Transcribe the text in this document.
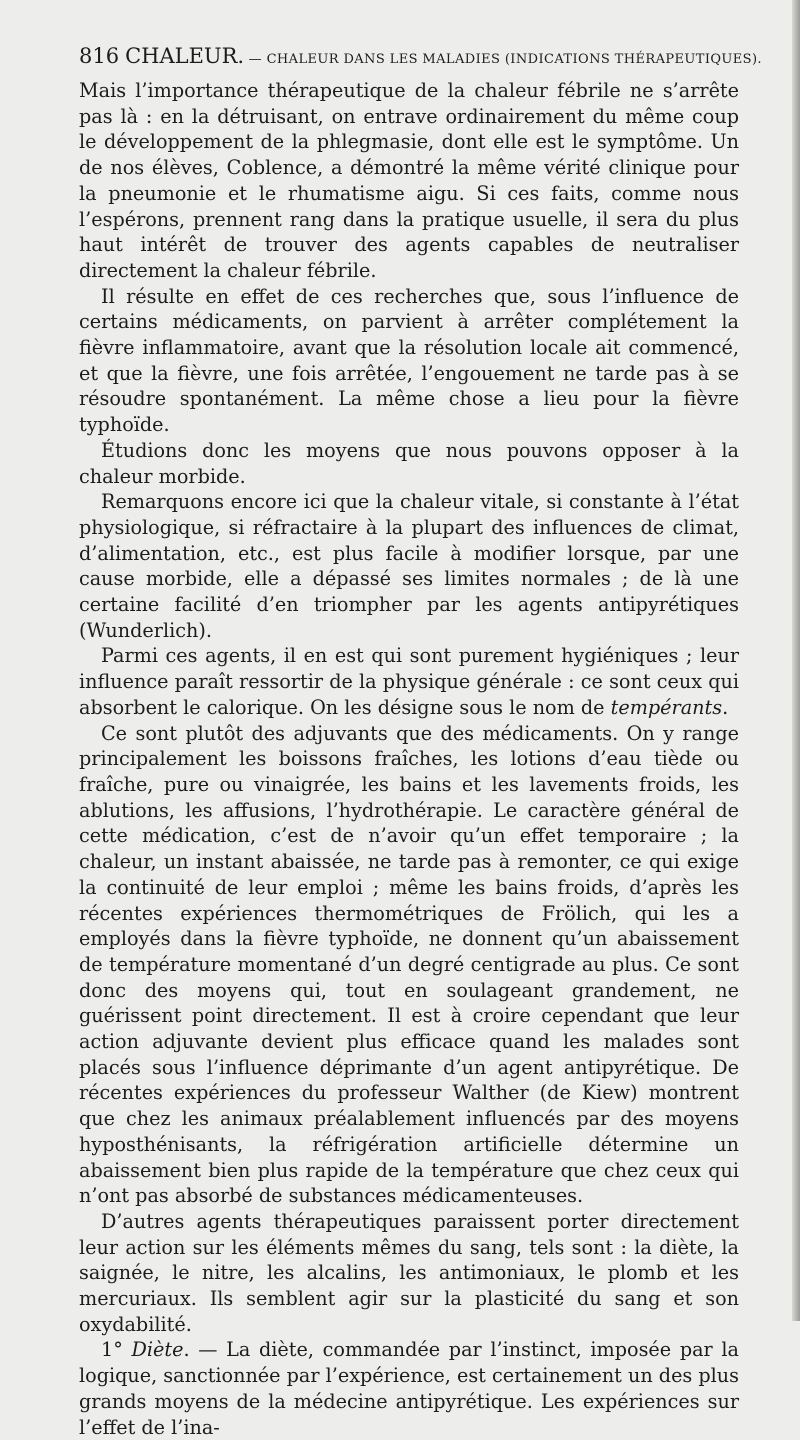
816 CHALEUR. — CHALEUR DANS LES MALADIES (INDICATIONS THÉRAPEUTIQUES).

Mais l’importance thérapeutique de la chaleur fébrile ne s’arrête pas là : en la détruisant, on entrave ordinairement du même coup le développement de la phlegmasie, dont elle est le symptôme. Un de nos élèves, Coblence, a démontré la même vérité clinique pour la pneumonie et le rhumatisme aigu. Si ces faits, comme nous l’espérons, prennent rang dans la pratique usuelle, il sera du plus haut intérêt de trouver des agents capables de neutraliser directement la chaleur fébrile.

Il résulte en effet de ces recherches que, sous l’influence de certains médicaments, on parvient à arrêter complétement la fièvre inflammatoire, avant que la résolution locale ait commencé, et que la fièvre, une fois arrêtée, l’engouement ne tarde pas à se résoudre spontanément. La même chose a lieu pour la fièvre typhoïde.

Étudions donc les moyens que nous pouvons opposer à la chaleur morbide.

Remarquons encore ici que la chaleur vitale, si constante à l’état physiologique, si réfractaire à la plupart des influences de climat, d’alimentation, etc., est plus facile à modifier lorsque, par une cause morbide, elle a dépassé ses limites normales ; de là une certaine facilité d’en triompher par les agents antipyrétiques (Wunderlich).

Parmi ces agents, il en est qui sont purement hygiéniques ; leur influence paraît ressortir de la physique générale : ce sont ceux qui absorbent le calorique. On les désigne sous le nom de tempérants.

Ce sont plutôt des adjuvants que des médicaments. On y range principalement les boissons fraîches, les lotions d’eau tiède ou fraîche, pure ou vinaigrée, les bains et les lavements froids, les ablutions, les affusions, l’hydrothérapie. Le caractère général de cette médication, c’est de n’avoir qu’un effet temporaire ; la chaleur, un instant abaissée, ne tarde pas à remonter, ce qui exige la continuité de leur emploi ; même les bains froids, d’après les récentes expériences thermométriques de Frölich, qui les a employés dans la fièvre typhoïde, ne donnent qu’un abaissement de température momentané d’un degré centigrade au plus. Ce sont donc des moyens qui, tout en soulageant grandement, ne guérissent point directement. Il est à croire cependant que leur action adjuvante devient plus efficace quand les malades sont placés sous l’influence déprimante d’un agent antipyrétique. De récentes expériences du professeur Walther (de Kiew) montrent que chez les animaux préalablement influencés par des moyens hyposthénisants, la réfrigération artificielle détermine un abaissement bien plus rapide de la température que chez ceux qui n’ont pas absorbé de substances médicamenteuses.

D’autres agents thérapeutiques paraissent porter directement leur action sur les éléments mêmes du sang, tels sont : la diète, la saignée, le nitre, les alcalins, les antimoniaux, le plomb et les mercuriaux. Ils semblent agir sur la plasticité du sang et son oxydabilité.

1° Diète. — La diète, commandée par l’instinct, imposée par la logique, sanctionnée par l’expérience, est certainement un des plus grands moyens de la médecine antipyrétique. Les expériences sur l’effet de l’ina-
